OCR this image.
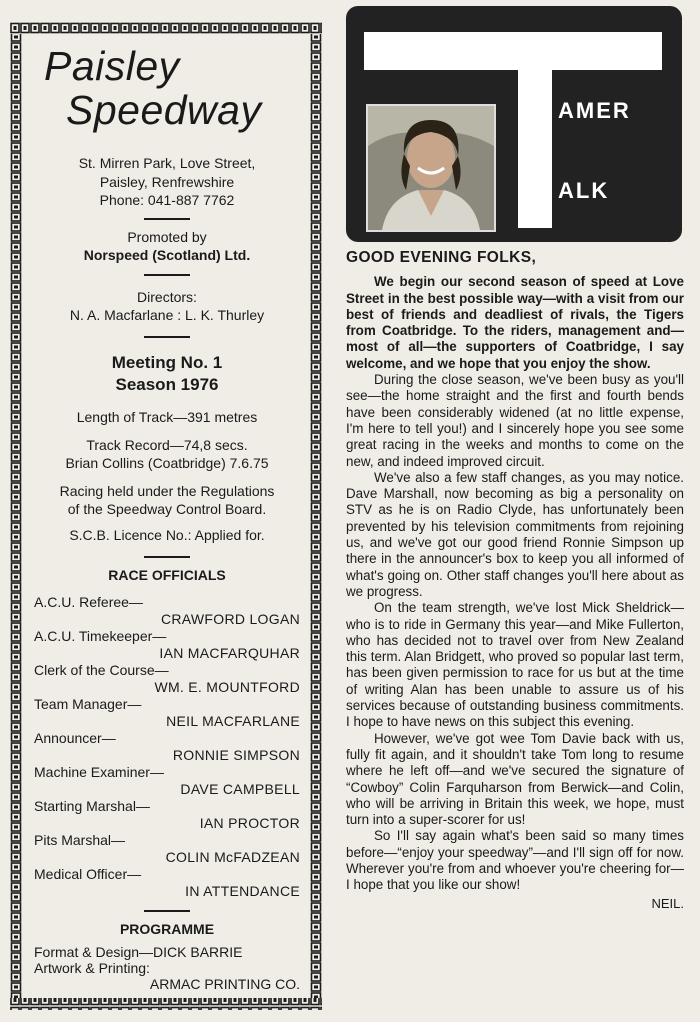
Paisley
Speedway
St. Mirren Park, Love Street,
Paisley, Renfrewshire
Phone: 041-887 7762
Promoted by
Norspeed (Scotland) Ltd.
Directors:
N. A. Macfarlane : L. K. Thurley
Meeting No. 1
Season 1976
Length of Track—391 metres
Track Record—74,8 secs.
Brian Collins (Coatbridge) 7.6.75
Racing held under the Regulations
of the Speedway Control Board.
S.C.B. Licence No.: Applied for.
RACE OFFICIALS
A.C.U. Referee—
CRAWFORD LOGAN
A.C.U. Timekeeper—
IAN MACFARQUHAR
Clerk of the Course—
WM. E. MOUNTFORD
Team Manager—
NEIL MACFARLANE
Announcer—
RONNIE SIMPSON
Machine Examiner—
DAVE CAMPBELL
Starting Marshal—
IAN PROCTOR
Pits Marshal—
COLIN McFADZEAN
Medical Officer—
IN ATTENDANCE
PROGRAMME
Format & Design—DICK BARRIE
Artwork & Printing:
ARMAC PRINTING CO.
AMER
ALK
GOOD EVENING FOLKS,

We begin our second season of speed at Love Street in the best possible way—with a visit from our best of friends and deadliest of rivals, the Tigers from Coatbridge. To the riders, management and—most of all—the supporters of Coatbridge, I say welcome, and we hope that you enjoy the show.

During the close season, we've been busy as you'll see—the home straight and the first and fourth bends have been considerably widened (at no little expense, I'm here to tell you!) and I sincerely hope you see some great racing in the weeks and months to come on the new, and indeed improved circuit.

We've also a few staff changes, as you may notice. Dave Marshall, now becoming as big a personality on STV as he is on Radio Clyde, has unfortunately been prevented by his television commitments from rejoining us, and we've got our good friend Ronnie Simpson up there in the announcer's box to keep you all informed of what's going on. Other staff changes you'll here about as we progress.

On the team strength, we've lost Mick Sheldrick—who is to ride in Germany this year—and Mike Fullerton, who has decided not to travel over from New Zealand this term. Alan Bridgett, who proved so popular last term, has been given permission to race for us but at the time of writing Alan has been unable to assure us of his services because of outstanding business commitments. I hope to have news on this subject this evening.

However, we've got wee Tom Davie back with us, fully fit again, and it shouldn't take Tom long to resume where he left off—and we've secured the signature of “Cowboy” Colin Farquharson from Berwick—and Colin, who will be arriving in Britain this week, we hope, must turn into a super-scorer for us!

So I'll say again what's been said so many times before—“enjoy your speedway”—and I'll sign off for now. Wherever you're from and whoever you're cheering for—I hope that you like our show!

NEIL.
